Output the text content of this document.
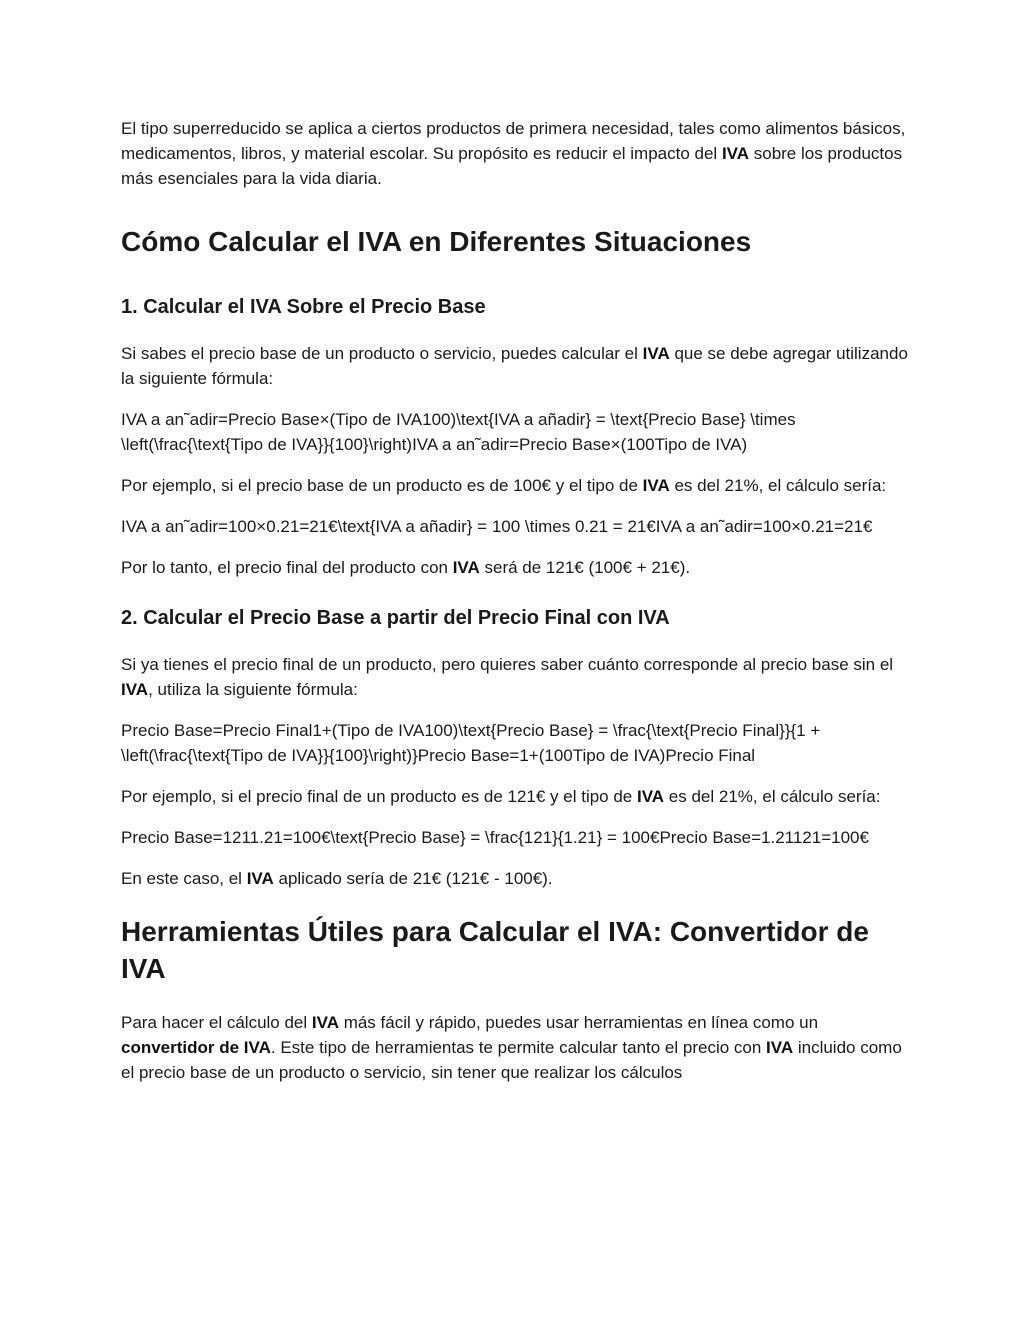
El tipo superreducido se aplica a ciertos productos de primera necesidad, tales como alimentos básicos, medicamentos, libros, y material escolar. Su propósito es reducir el impacto del IVA sobre los productos más esenciales para la vida diaria.

Cómo Calcular el IVA en Diferentes Situaciones
1. Calcular el IVA Sobre el Precio Base

Si sabes el precio base de un producto o servicio, puedes calcular el IVA que se debe agregar utilizando la siguiente fórmula:

IVA a an˜adir=Precio Base×(Tipo de IVA100)\text{IVA a añadir} = \text{Precio Base} \times \left(\frac{\text{Tipo de IVA}}{100}\right)IVA a an˜adir=Precio Base×(100Tipo de IVA)

Por ejemplo, si el precio base de un producto es de 100€ y el tipo de IVA es del 21%, el cálculo sería:

IVA a an˜adir=100×0.21=21€\text{IVA a añadir} = 100 \times 0.21 = 21€IVA a an˜adir=100×0.21=21€

Por lo tanto, el precio final del producto con IVA será de 121€ (100€ + 21€).

2. Calcular el Precio Base a partir del Precio Final con IVA

Si ya tienes el precio final de un producto, pero quieres saber cuánto corresponde al precio base sin el IVA, utiliza la siguiente fórmula:

Precio Base=Precio Final1+(Tipo de IVA100)\text{Precio Base} = \frac{\text{Precio Final}}{1 + \left(\frac{\text{Tipo de IVA}}{100}\right)}Precio Base=1+(100Tipo de IVA)Precio Final

Por ejemplo, si el precio final de un producto es de 121€ y el tipo de IVA es del 21%, el cálculo sería:

Precio Base=1211.21=100€\text{Precio Base} = \frac{121}{1.21} = 100€Precio Base=1.21121=100€

En este caso, el IVA aplicado sería de 21€ (121€ - 100€).

Herramientas Útiles para Calcular el IVA: Convertidor de IVA

Para hacer el cálculo del IVA más fácil y rápido, puedes usar herramientas en línea como un convertidor de IVA. Este tipo de herramientas te permite calcular tanto el precio con IVA incluido como el precio base de un producto o servicio, sin tener que realizar los cálculos
